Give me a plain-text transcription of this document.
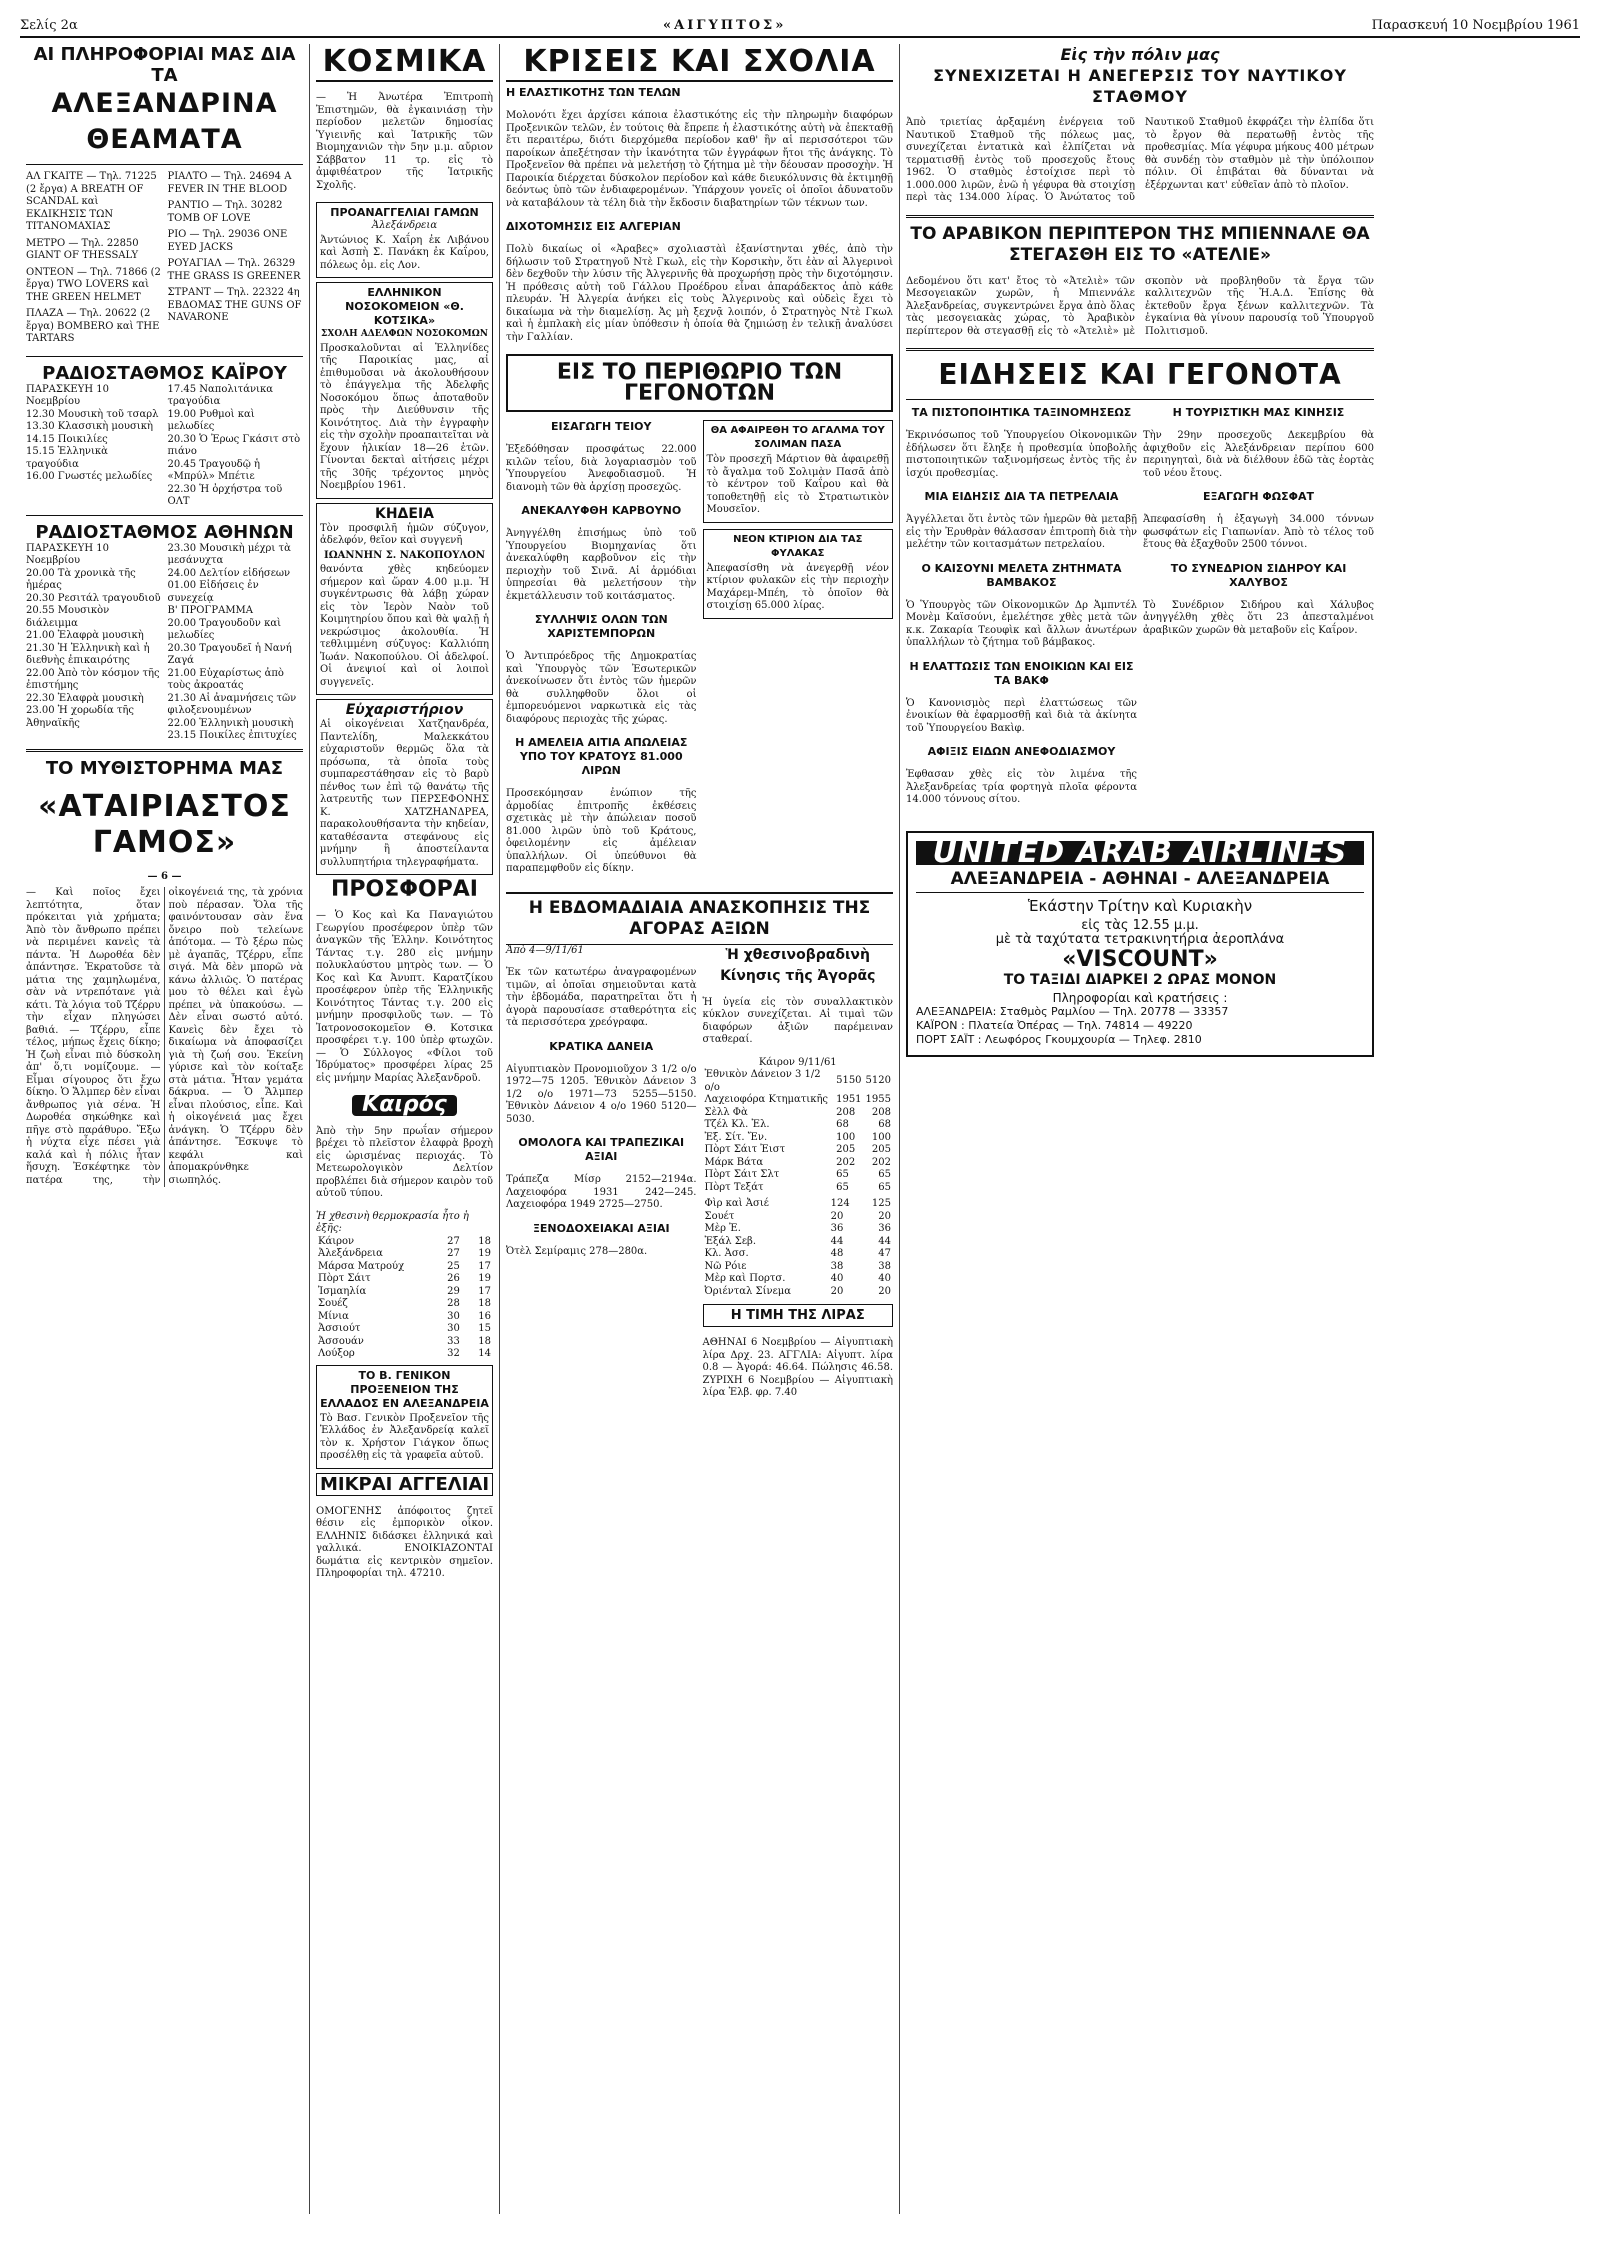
Σελίς 2α	«ΑΙΓΥΠΤΟΣ»	Παρασκευή 10 Νοεμβρίου 1961
ΑΙ ΠΛΗΡΟΦΟΡΙΑΙ ΜΑΣ ΔΙΑ ΤΑ
ΑΛΕΞΑΝΔΡΙΝΑ ΘΕΑΜΑΤΑ

ΑΛ ΓΚΑΙΤΕ — Τηλ. 71225 (2 ἔργα) A BREATH OF SCANDAL καὶ ΕΚΔΙΚΗΣΙΣ ΤΩΝ ΤΙΤΑΝΟΜΑΧΙΑΣ

ΜΕΤΡΟ — Τηλ. 22850 GIANT OF THESSALY

ΟΝΤΕΟΝ — Τηλ. 71866 (2 ἔργα) TWO LOVERS καὶ THE GREEN HELMET

ΠΛΑΖΑ — Τηλ. 20622 (2 ἔργα) BOMBERO καὶ THE TARTARS

ΡΙΑΛΤΟ — Τηλ. 24694 A FEVER IN THE BLOOD

ΡΑΝΤΙΟ — Τηλ. 30282 TOMB OF LOVE

ΡΙΟ — Τηλ. 29036 ONE EYED JACKS

ΡΟΥΑΓΙΑΛ — Τηλ. 26329 THE GRASS IS GREENER

ΣΤΡΑΝΤ — Τηλ. 22322 4η ΕΒΔΟΜΑΣ THE GUNS OF NAVARONE

ΡΑΔΙΟΣΤΑΘΜΟΣ ΚΑΪΡΟΥ
ΠΑΡΑΣΚΕΥΗ 10 Νοεμβρίου
12.30 Μουσικὴ τοῦ τσαρλ
13.30 Κλασσικὴ μουσικὴ
14.15 Ποικιλίες
15.15 Ἑλληνικὰ τραγούδια
16.00 Γνωστές μελωδίες
17.45 Ναπολιτάνικα τραγούδια
19.00 Ρυθμοὶ καὶ μελωδίες
20.30 Ὁ Ἐρως Γκάσιτ στὸ πιάνο
20.45 Τραγουδῷ ἡ «Μπρύλ» Μπέτιε
22.30 Ἡ ὀρχήστρα τοῦ ΟΛΤ
ΡΑΔΙΟΣΤΑΘΜΟΣ ΑΘΗΝΩΝ
ΠΑΡΑΣΚΕΥΗ 10 Νοεμβρίου
20.00 Τὰ χρονικὰ τῆς ἡμέρας
20.30 Ρεσιτάλ τραγουδιοῦ
20.55 Μουσικὸν διάλειμμα
21.00 Ἑλαφρὰ μουσικὴ
21.30 Ἡ Ἑλληνικὴ καὶ ἡ διεθνὴς ἐπικαιρότης
22.00 Ἀπὸ τὸν κόσμον τῆς ἐπιστήμης
22.30 Ἑλαφρὰ μουσικὴ
23.00 Ἡ χορωδία τῆς Ἀθηναϊκῆς
23.30 Μουσικὴ μέχρι τὰ μεσάνυχτα
24.00 Δελτίον εἰδήσεων
01.00 Εἰδήσεις ἐν συνεχείᾳ
Β' ΠΡΟΓΡΑΜΜΑ
20.00 Τραγουδοῦν καὶ μελωδίες
20.30 Τραγουδεῖ ἡ Νανή Ζαγά
21.00 Εὐχαρίστως ἀπὸ τοὺς ἀκροατάς
21.30 Αἱ ἀναμνήσεις τῶν φιλοξενουμένων
22.00 Ἑλληνικὴ μουσικὴ
23.15 Ποικίλες ἐπιτυχίες
ΤΟ ΜΥΘΙΣΤΟΡΗΜΑ ΜΑΣ
«ΑΤΑΙΡΙΑΣΤΟΣ ΓΑΜΟΣ»
— 6 —

— Καὶ ποῖος ἔχει λεπτότητα, ὅταν πρόκειται γιὰ χρήματα; Ἀπὸ τὸν ἄνθρωπο πρέπει νὰ περιμένει κανεὶς τὰ πάντα. Ἡ Δωροθέα δὲν ἀπάντησε. Ἐκρατοῦσε τὰ μάτια της χαμηλωμένα, σὰν νὰ ντρεπότανε γιὰ κάτι. Τὰ λόγια τοῦ Τζέρρυ τὴν εἶχαν πληγώσει βαθιά. — Τζέρρυ, εἶπε τέλος, μήπως ἔχεις δίκηο; Ἡ ζωὴ εἶναι πιὸ δύσκολη ἀπ' ὅ,τι νομίζουμε. — Εἶμαι σίγουρος ὅτι ἔχω δίκηο. Ὁ Ἄλμπερ δὲν εἶναι ἄνθρωπος γιὰ σένα. Ἡ Δωροθέα σηκώθηκε καὶ πῆγε στὸ παράθυρο. Ἔξω ἡ νύχτα εἶχε πέσει γιὰ καλά καὶ ἡ πόλις ἦταν ἥσυχη. Ἐσκέφτηκε τὸν πατέρα της, τὴν οἰκογένειά της, τὰ χρόνια ποὺ πέρασαν. Ὅλα τῆς φαινόντουσαν σὰν ἕνα ὄνειρο ποὺ τελείωνε ἀπότομα. — Τὸ ξέρω πὼς μὲ ἀγαπᾶς, Τζέρρυ, εἶπε σιγά. Μὰ δὲν μπορῶ νὰ κάνω ἀλλιῶς. Ὁ πατέρας μου τὸ θέλει καὶ ἐγὼ πρέπει νὰ ὑπακούσω. — Δὲν εἶναι σωστό αὐτό. Κανεὶς δὲν ἔχει τὸ δικαίωμα νὰ ἀποφασίζει γιὰ τὴ ζωή σου. Ἐκείνη γύρισε καὶ τὸν κοίταξε στὰ μάτια. Ἦταν γεμάτα δάκρυα. — Ὁ Ἄλμπερ εἶναι πλούσιος, εἶπε. Καὶ ἡ οἰκογένειά μας ἔχει ἀνάγκη. Ὁ Τζέρρυ δὲν ἀπάντησε. Ἔσκυψε τὸ κεφάλι καὶ ἀπομακρύνθηκε σιωπηλός.

ΚΟΣΜΙΚΑ

— Ἡ Ἀνωτέρα Ἐπιτροπὴ Ἐπιστημῶν, θὰ ἐγκαινιάσῃ τὴν περίοδον μελετῶν δημοσίας Ὑγιεινῆς καὶ Ἰατρικῆς τῶν Βιομηχανιῶν τὴν 5ην μ.μ. αὔριον Σάββατον 11 τρ. εἰς τὸ ἀμφιθέατρον τῆς Ἰατρικῆς Σχολῆς.

ΠΡΟΑΝΑΓΓΕΛΙΑΙ ΓΑΜΩΝ
Ἀλεξάνδρεια

Ἀντώνιος Κ. Χαΐρη ἐκ Λιβάνου καὶ Ἀσπὴ Σ. Πανάκη ἐκ Καΐρου, πόλεως ὁμ. εἰς Λον.

ΕΛΛΗΝΙΚΟΝ ΝΟΣΟΚΟΜΕΙΟΝ «Θ. ΚΟΤΣΙΚΑ»
ΣΧΟΛΗ ΑΔΕΛΦΩΝ ΝΟΣΟΚΟΜΩΝ

Προσκαλοῦνται αἱ Ἑλληνίδες τῆς Παροικίας μας, αἱ ἐπιθυμοῦσαι νὰ ἀκολουθήσουν τὸ ἐπάγγελμα τῆς Ἀδελφῆς Νοσοκόμου ὅπως ἀποταθοῦν πρὸς τὴν Διεύθυνσιν τῆς Κοινότητος. Διὰ τὴν ἐγγραφὴν εἰς τὴν σχολὴν προαπαιτεῖται νὰ ἔχουν ἡλικίαν 18—26 ἐτῶν. Γίνονται δεκταὶ αἰτήσεις μέχρι τῆς 30ῆς τρέχοντος μηνὸς Νοεμβρίου 1961.

ΚΗΔΕΙΑ

Τὸν προσφιλῆ ἡμῶν σύζυγον, ἀδελφόν, θεῖον καὶ συγγενῆ

ΙΩΑΝΝΗΝ Σ. ΝΑΚΟΠΟΥΛΟΝ

θανόντα χθὲς κηδεύομεν σήμερον καὶ ὥραν 4.00 μ.μ. Ἡ συγκέντρωσις θὰ λάβῃ χώραν εἰς τὸν Ἱερὸν Ναὸν τοῦ Κοιμητηρίου ὅπου καὶ θὰ ψαλῇ ἡ νεκρώσιμος ἀκολουθία. Ἡ τεθλιμμένη σύζυγος: Καλλιόπη Ἰωάν. Νακοπούλου. Οἱ ἀδελφοί. Οἱ ἀνεψιοί καὶ οἱ λοιποὶ συγγενεῖς.

Εὐχαριστήριον

Αἱ οἰκογένειαι Χατζηανδρέα, Παντελίδη, Μαλεκκάτου εὐχαριστοῦν θερμῶς ὅλα τὰ πρόσωπα, τὰ ὁποῖα τοὺς συμπαρεστάθησαν εἰς τὸ βαρὺ πένθος των ἐπὶ τῷ θανάτῳ τῆς λατρευτῆς των ΠΕΡΣΕΦΟΝΗΣ Κ. ΧΑΤΖΗΑΝΔΡΕΑ, παρακολουθήσαντα τὴν κηδείαν, καταθέσαντα στεφάνους εἰς μνήμην ἢ ἀποστείλαντα συλλυπητήρια τηλεγραφήματα.

ΠΡΟΣΦΟΡΑΙ

— Ὁ Κος καὶ Κα Παναγιώτου Γεωργίου προσέφερον ὑπὲρ τῶν ἀναγκῶν τῆς Ἑλλην. Κοινότητος Τάντας τ.γ. 280 εἰς μνήμην πολυκλαύστου μητρὸς των. — Ὁ Κος καὶ Κα Ἀνυπτ. Καρατζίκου προσέφερον ὑπὲρ τῆς Ἑλληνικῆς Κοινότητος Τάντας τ.γ. 200 εἰς μνήμην προσφιλοῦς των. — Τὸ Ἰατρονοσοκομεῖον Θ. Κοτσικα προσφέρει τ.γ. 100 ὑπὲρ φτωχῶν. — Ὁ Σύλλογος «Φίλοι τοῦ Ἰδρύματος» προσφέρει λίρας 25 εἰς μνήμην Μαρίας Ἀλεξανδροῦ.

Καιρός

Ἀπὸ τὴν 5ην πρωΐαν σήμερον βρέχει τὸ πλεῖστον ἐλαφρὰ βροχὴ εἰς ὡρισμένας περιοχάς. Τὸ Μετεωρολογικὸν Δελτίον προβλέπει διὰ σήμερον καιρὸν τοῦ αὐτοῦ τύπου.

Ἡ χθεσινὴ θερμοκρασία ἦτο ἡ ἑξῆς:
Κάιρον	27	18
Ἀλεξάνδρεια	27	19
Μάρσα Ματρούχ	25	17
Πὸρτ Σάιτ	26	19
Ἰσμαηλία	29	17
Σουέζ	28	18
Μίνια	30	16
Ἀσσιούτ	30	15
Ἀσσουάν	33	18
Λούξορ	32	14
ΤΟ Β. ΓΕΝΙΚΟΝ ΠΡΟΞΕΝΕΙΟΝ ΤΗΣ ΕΛΛΑΔΟΣ ΕΝ ΑΛΕΞΑΝΔΡΕΙΑ

Τὸ Βασ. Γενικὸν Προξενεῖον τῆς Ἑλλάδος ἐν Ἀλεξανδρείᾳ καλεῖ τὸν κ. Χρήστον Γιάγκον ὅπως προσέλθῃ εἰς τὰ γραφεῖα αὐτοῦ.

ΜΙΚΡΑΙ ΑΓΓΕΛΙΑΙ

ΟΜΟΓΕΝΗΣ ἀπόφοιτος ζητεῖ θέσιν εἰς ἐμπορικὸν οἶκον. ΕΛΛΗΝΙΣ διδάσκει ἑλληνικά καὶ γαλλικά. ΕΝΟΙΚΙΑΖΟΝΤΑΙ δωμάτια εἰς κεντρικὸν σημεῖον. Πληροφορίαι τηλ. 47210.

ΚΡΙΣΕΙΣ ΚΑΙ ΣΧΟΛΙΑ
Η ΕΛΑΣΤΙΚΟΤΗΣ ΤΩΝ ΤΕΛΩΝ

Μολονότι ἔχει ἀρχίσει κάποια ἐλαστικότης εἰς τὴν πληρωμὴν διαφόρων Προξενικῶν τελῶν, ἐν τούτοις θὰ ἔπρεπε ἡ ἐλαστικότης αὐτὴ νὰ ἐπεκταθῇ ἔτι περαιτέρω, διότι διερχόμεθα περίοδον καθ' ἣν αἱ περισσότεροι τῶν παροίκων ἀπεξέτησαν τὴν ἱκανότητα τῶν ἐγγράφων ἤτοι τῆς ἀνάγκης. Τὸ Προξενεῖον θὰ πρέπει νὰ μελετήσῃ τὸ ζήτημα μὲ τὴν δέουσαν προσοχὴν. Ἡ Παροικία διέρχεται δύσκολον περίοδον καὶ κάθε διευκόλυνσις θὰ ἐκτιμηθῇ δεόντως ὑπὸ τῶν ἐνδιαφερομένων. Ὑπάρχουν γονεῖς οἱ ὁποῖοι ἀδυνατοῦν νὰ καταβάλουν τὰ τέλη διὰ τὴν ἔκδοσιν διαβατηρίων τῶν τέκνων των.

ΔΙΧΟΤΟΜΗΣΙΣ ΕΙΣ ΑΛΓΕΡΙΑΝ

Πολὺ δικαίως οἱ «Ἀραβες» σχολιαστὰὶ ἐξανίστηνται χθές, ἀπὸ τὴν δήλωσιν τοῦ Στρατηγοῦ Ντὲ Γκωλ, εἰς τὴν Κορσικὴν, ὅτι ἐὰν αἱ Ἀλγερινοὶ δὲν δεχθοῦν τὴν λύσιν τῆς Ἀλγερινῆς θὰ προχωρήσῃ πρὸς τὴν διχοτόμησιν. Ἡ πρόθεσις αὐτὴ τοῦ Γάλλου Προέδρου εἶναι ἀπαράδεκτος ἀπὸ κάθε πλευράν. Ἡ Ἀλγερία ἀνήκει εἰς τοὺς Ἀλγερινοὺς καὶ οὐδεὶς ἔχει τὸ δικαίωμα νὰ τὴν διαμελίσῃ. Ἀς μὴ ξεχνᾷ λοιπόν, ὁ Στρατηγὸς Ντὲ Γκωλ καὶ ἡ ἐμπλακὴ εἰς μίαν ὑπόθεσιν ἡ ὁποία θὰ ζημιώσῃ ἐν τελικῇ ἀναλύσει τὴν Γαλλίαν.

ΕΙΣ ΤΟ ΠΕΡΙΘΩΡΙΟ ΤΩΝ ΓΕΓΟΝΟΤΩΝ
ΕΙΣΑΓΩΓΗ ΤΕΙΟΥ

Ἐξεδόθησαν προσφάτως 22.000 κιλῶν τεΐου, διὰ λογαριασμὸν τοῦ Ὑπουργείου Ἀνεφοδιασμοῦ. Ἡ διανομὴ τῶν θὰ ἀρχίσῃ προσεχῶς.

ΑΝΕΚΑΛΥΦΘΗ ΚΑΡΒΟΥΝΟ

Ἀνηγγέλθη ἐπισήμως ὑπὸ τοῦ Ὑπουργείου Βιομηχανίας ὅτι ἀνεκαλύφθη καρβοῦνον εἰς τὴν περιοχὴν τοῦ Σινᾶ. Αἱ ἀρμόδιαι ὑπηρεσίαι θὰ μελετήσουν τὴν ἐκμετάλλευσιν τοῦ κοιτάσματος.

ΣΥΛΛΗΨΙΣ ΟΛΩΝ ΤΩΝ ΧΑΡΙΣΤΕΜΠΟΡΩΝ

Ὁ Ἀντιπρόεδρος τῆς Δημοκρατίας καὶ Ὑπουργὸς τῶν Ἐσωτερικῶν ἀνεκοίνωσεν ὅτι ἐντὸς τῶν ἡμερῶν θὰ συλληφθοῦν ὅλοι οἱ ἐμπορευόμενοι ναρκωτικὰ εἰς τὰς διαφόρους περιοχὰς τῆς χώρας.

Η ΑΜΕΛΕΙΑ ΑΙΤΙΑ ΑΠΩΛΕΙΑΣ ΥΠΟ ΤΟΥ ΚΡΑΤΟΥΣ 81.000 ΛΙΡΩΝ

Προσεκόμησαν ἐνώπιον τῆς ἀρμοδίας ἐπιτροπῆς ἐκθέσεις σχετικὰς μὲ τὴν ἀπώλειαν ποσοῦ 81.000 λιρῶν ὑπὸ τοῦ Κράτους, ὀφειλομένην εἰς ἀμέλειαν ὑπαλλήλων. Οἱ ὑπεύθυνοι θὰ παραπεμφθοῦν εἰς δίκην.

ΘΑ ΑΦΑΙΡΕΘΗ ΤΟ ΑΓΑΛΜΑ ΤΟΥ ΣΟΛΙΜΑΝ ΠΑΣΑ

Τὸν προσεχῆ Μάρτιον θὰ ἀφαιρεθῇ τὸ ἄγαλμα τοῦ Σολιμὰν Πασᾶ ἀπὸ τὸ κέντρον τοῦ Καΐρου καὶ θὰ τοποθετηθῇ εἰς τὸ Στρατιωτικὸν Μουσεῖον.

ΝΕΟΝ ΚΤΙΡΙΟΝ ΔΙΑ ΤΑΣ ΦΥΛΑΚΑΣ

Ἀπεφασίσθη νὰ ἀνεγερθῇ νέον κτίριον φυλακῶν εἰς τὴν περιοχὴν Μαχάρεμ-Μπέη, τὸ ὁποῖον θὰ στοιχίσῃ 65.000 λίρας.

Η ΕΒΔΟΜΑΔΙΑΙΑ ΑΝΑΣΚΟΠΗΣΙΣ ΤΗΣ ΑΓΟΡΑΣ ΑΞΙΩΝ
Ἀπὸ 4—9/11/61

Ἐκ τῶν κατωτέρω ἀναγραφομένων τιμῶν, αἱ ὁποῖαι σημειοῦνται κατὰ τὴν ἑβδομάδα, παρατηρεῖται ὅτι ἡ ἀγορὰ παρουσίασε σταθερότητα εἰς τὰ περισσότερα χρεόγραφα.

ΚΡΑΤΙΚΑ ΔΑΝΕΙΑ

Αἰγυπτιακὸν Προνομιοῦχον 3 1/2 ο/ο 1972—75 1205. Ἐθνικὸν Δάνειον 3 1/2 ο/ο 1971—73 5255—5150. Ἐθνικὸν Δάνειον 4 ο/ο 1960 5120—5030.

ΟΜΟΛΟΓΑ ΚΑΙ ΤΡΑΠΕΖΙΚΑΙ ΑΞΙΑΙ

Τράπεζα Μίσρ 2152—2194α. Λαχειοφόρα 1931 242—245. Λαχειοφόρα 1949 2725—2750.

ΞΕΝΟΔΟΧΕΙΑΚΑΙ ΑΞΙΑΙ

Ὀτὲλ Σεμίραμις 278—280α.

Ἡ χθεσινοβραδινὴ Κίνησις τῆς Ἀγορᾶς

Ἡ ὑγεία εἰς τὸν συναλλακτικὸν κύκλον συνεχίζεται. Αἱ τιμαὶ τῶν διαφόρων ἀξιῶν παρέμειναν σταθεραί.

Κάιρον 9/11/61
Ἐθνικὸν Δάνειον 3 1/2 ο/ο	5150	5120
Λαχειοφόρα Κτηματικῆς	1951	1955
Σὲλλ Φὰ	208	208
Τζέλ Κλ. Ἐλ.	68	68
Ἐξ. Σίτ. Ἔν.	100	100
Πὸρτ Σάιτ Ἐιστ	205	205
Μάρκ Βάτα	202	202
Πὸρτ Σάιτ Σλτ	65	65
Πὸρτ Τεξάτ	65	65
Φὶρ καὶ Ἀσιέ	124	125
Σουέτ	20	20
Μὲρ Ἐ.	36	36
Ἐξάλ Σεβ.	44	44
Κλ. Ἀσσ.	48	47
Νῶ Ρόιε	38	38
Μὲρ καὶ Πορτσ.	40	40
Ὀριένταλ Σίνεμα	20	20
Η ΤΙΜΗ ΤΗΣ ΛΙΡΑΣ

ΑΘΗΝΑΙ 6 Νοεμβρίου — Αἰγυπτιακὴ λίρα Δρχ. 23. ΑΓΓΛΙΑ: Αἰγυπτ. λίρα 0.8 — Ἀγορά: 46.64. Πώλησις 46.58. ΖΥΡΙΧΗ 6 Νοεμβρίου — Αἰγυπτιακὴ λίρα Ἐλβ. φρ. 7.40

Εἰς τὴν πόλιν μας
ΣΥΝΕΧΙΖΕΤΑΙ Η ΑΝΕΓΕΡΣΙΣ ΤΟΥ ΝΑΥΤΙΚΟΥ ΣΤΑΘΜΟΥ

Ἀπὸ τριετίας ἀρξαμένη ἐνέργεια τοῦ Ναυτικοῦ Σταθμοῦ τῆς πόλεως μας, συνεχίζεται ἐντατικὰ καὶ ἐλπίζεται νὰ τερματισθῇ ἐντὸς τοῦ προσεχοῦς ἔτους 1962. Ὁ σταθμὸς ἐστοίχισε περὶ τὸ 1.000.000 λιρῶν, ἐνῶ ἡ γέφυρα θὰ στοιχίσῃ περὶ τὰς 134.000 λίρας. Ὁ Ἀνώτατος τοῦ Ναυτικοῦ Σταθμοῦ ἐκφράζει τὴν ἐλπίδα ὅτι τὸ ἔργον θὰ περατωθῇ ἐντὸς τῆς προθεσμίας. Μία γέφυρα μήκους 400 μέτρων θὰ συνδέῃ τὸν σταθμὸν μὲ τὴν ὑπόλοιπον πόλιν. Οἱ ἐπιβάται θὰ δύνανται νὰ ἐξέρχωνται κατ' εὐθεῖαν ἀπὸ τὸ πλοῖον.

ΤΟ ΑΡΑΒΙΚΟΝ ΠΕΡΙΠΤΕΡΟΝ ΤΗΣ ΜΠΙΕΝΝΑΛΕ ΘΑ ΣΤΕΓΑΣΘΗ ΕΙΣ ΤΟ «ΑΤΕΛΙΕ»

Δεδομένου ὅτι κατ' ἔτος τὸ «Ἀτελιὲ» τῶν Μεσογειακῶν χωρῶν, ἡ Μπιεννάλε Ἀλεξανδρείας, συγκεντρώνει ἔργα ἀπὸ ὅλας τὰς μεσογειακὰς χώρας, τὸ Ἀραβικὸν περίπτερον θὰ στεγασθῇ εἰς τὸ «Ἀτελιὲ» μὲ σκοπὸν νὰ προβληθοῦν τὰ ἔργα τῶν καλλιτεχνῶν τῆς Ἡ.Α.Δ. Ἐπίσης θὰ ἐκτεθοῦν ἔργα ξένων καλλιτεχνῶν. Τὰ ἐγκαίνια θὰ γίνουν παρουσίᾳ τοῦ Ὑπουργοῦ Πολιτισμοῦ.

ΕΙΔΗΣΕΙΣ ΚΑΙ ΓΕΓΟΝΟΤΑ
ΤΑ ΠΙΣΤΟΠΟΙΗΤΙΚΑ ΤΑΞΙΝΟΜΗΣΕΩΣ

Ἐκρινόσωπος τοῦ Ὑπουργείου Οἰκονομικῶν ἐδήλωσεν ὅτι ἔληξε ἡ προθεσμία ὑποβολῆς πιστοποιητικῶν ταξινομήσεως ἐντὸς τῆς ἐν ἰσχύι προθεσμίας.

ΜΙΑ ΕΙΔΗΣΙΣ ΔΙΑ ΤΑ ΠΕΤΡΕΛΑΙΑ

Ἀγγέλλεται ὅτι ἐντὸς τῶν ἡμερῶν θὰ μεταβῇ εἰς τὴν Ἐρυθρὰν θάλασσαν ἐπιτροπὴ διὰ τὴν μελέτην τῶν κοιτασμάτων πετρελαίου.

Ο ΚΑΙΣΟΥΝΙ ΜΕΛΕΤΑ ΖΗΤΗΜΑΤΑ ΒΑΜΒΑΚΟΣ

Ὁ Ὑπουργὸς τῶν Οἰκονομικῶν Δρ Ἀμπντέλ Μονὲμ Καϊσούνι, ἐμελέτησε χθὲς μετὰ τῶν κ.κ. Ζακαρία Τεουφὶκ καὶ ἄλλων ἀνωτέρων ὑπαλλήλων τὸ ζήτημα τοῦ βάμβακος.

Η ΕΛΑΤΤΩΣΙΣ ΤΩΝ ΕΝΟΙΚΙΩΝ ΚΑΙ ΕΙΣ ΤΑ ΒΑΚΦ

Ὁ Κανονισμὸς περὶ ἐλαττώσεως τῶν ἐνοικίων θὰ ἐφαρμοσθῇ καὶ διὰ τὰ ἀκίνητα τοῦ Ὑπουργείου Βακὶφ.

ΑΦΙΞΙΣ ΕΙΔΩΝ ΑΝΕΦΟΔΙΑΣΜΟΥ

Ἐφθασαν χθὲς εἰς τὸν λιμένα τῆς Ἀλεξανδρείας τρία φορτηγὰ πλοῖα φέροντα 14.000 τόννους σίτου.

Η ΤΟΥΡΙΣΤΙΚΗ ΜΑΣ ΚΙΝΗΣΙΣ

Τὴν 29ην προσεχοῦς Δεκεμβρίου θὰ ἀφιχθοῦν εἰς Ἀλεξάνδρειαν περίπου 600 περιηγηταὶ, διὰ νὰ διέλθουν ἐδῶ τὰς ἑορτὰς τοῦ νέου ἔτους.

ΕΞΑΓΩΓΗ ΦΩΣΦΑΤ

Ἀπεφασίσθη ἡ ἐξαγωγὴ 34.000 τόννων φωσφάτων εἰς Γιαπωνίαν. Ἀπὸ τὸ τέλος τοῦ ἔτους θὰ ἐξαχθοῦν 2500 τόννοι.

ΤΟ ΣΥΝΕΔΡΙΟΝ ΣΙΔΗΡΟΥ ΚΑΙ ΧΑΛΥΒΟΣ

Τὸ Συνέδριον Σιδήρου καὶ Χάλυβος ἀνηγγέλθη χθὲς ὅτι 23 ἀπεσταλμένοι ἀραβικῶν χωρῶν θὰ μεταβοῦν εἰς Καΐρον.

UNITED ARAB AIRLINES
ΑΛΕΞΑΝΔΡΕΙΑ - ΑΘΗΝΑΙ - ΑΛΕΞΑΝΔΡΕΙΑ
Ἑκάστην Τρίτην καὶ Κυριακὴν
εἰς τὰς 12.55 μ.μ.
μὲ τὰ ταχύτατα τετρακινητήρια ἀεροπλάνα
«VISCOUNT»
ΤΟ ΤΑΞΙΔΙ ΔΙΑΡΚΕΙ 2 ΩΡΑΣ ΜΟΝΟΝ
Πληροφορίαι καὶ κρατήσεις :
ΑΛΕΞΑΝΔΡΕΙΑ: Σταθμὸς Ραμλίου — Τηλ. 20778 — 33357
ΚΑΪΡΟΝ : Πλατεία Ὀπέρας — Τηλ. 74814 — 49220
ΠΟΡΤ ΣΑΪΤ : Λεωφόρος Γκουμχουρία — Τηλεφ. 2810
